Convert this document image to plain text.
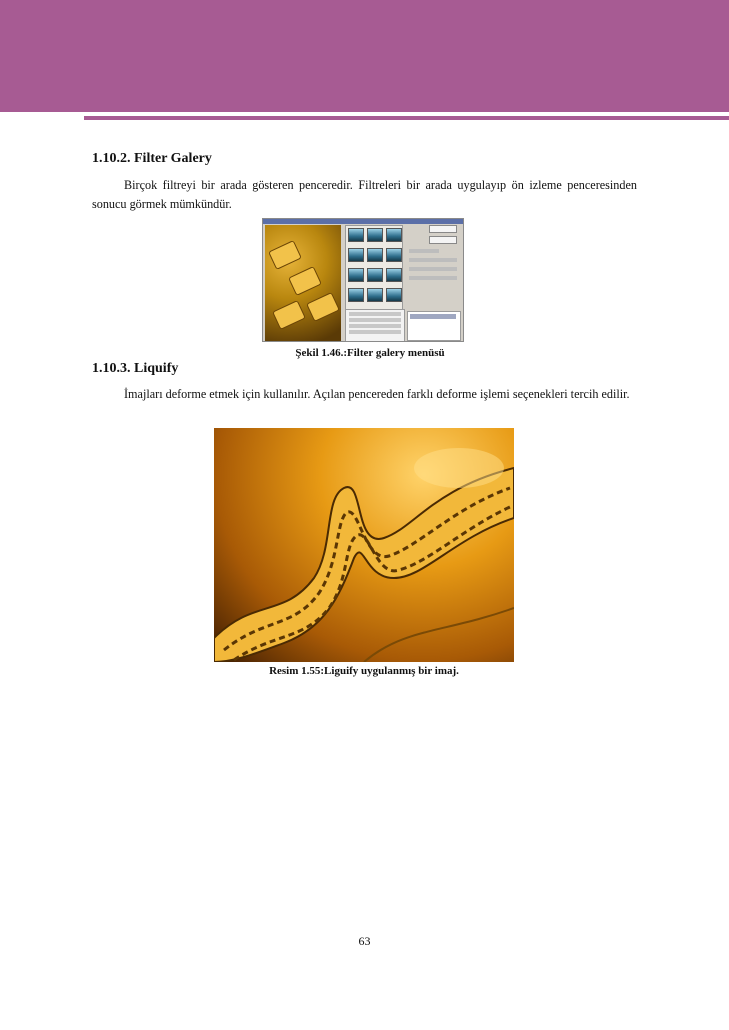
1.10.2. Filter Galery

Birçok filtreyi bir arada gösteren penceredir. Filtreleri bir arada uygulayıp ön izleme penceresinden sonucu görmek mümkündür.

Şekil 1.46.:Filter galery menüsü
1.10.3. Liquify

İmajları deforme etmek için kullanılır. Açılan pencereden farklı deforme işlemi seçenekleri tercih edilir.

Resim 1.55:Liguify uygulanmış bir imaj.
63
